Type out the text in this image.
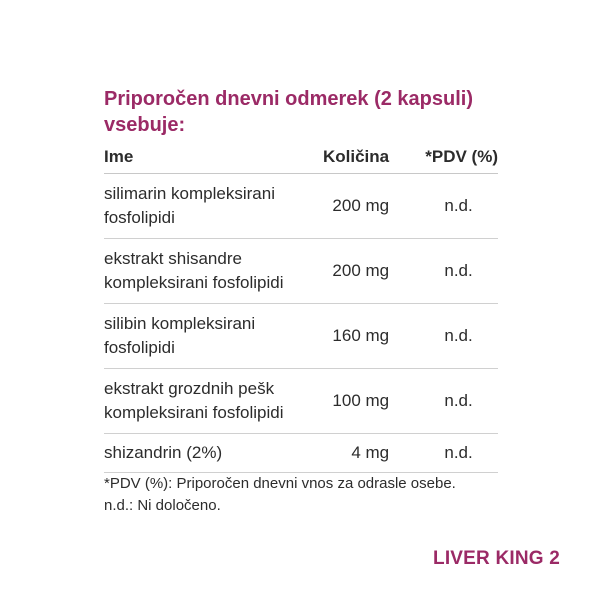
Priporočen dnevni odmerek (2 kapsuli) vsebuje:
Ime	Količina	*PDV (%)
silimarin kompleksirani fosfolipidi	200 mg	n.d.
ekstrakt shisandre kompleksirani fosfolipidi	200 mg	n.d.
silibin kompleksirani fosfolipidi	160 mg	n.d.
ekstrakt grozdnih pešk kompleksirani fosfolipidi	100 mg	n.d.
shizandrin (2%)	4 mg	n.d.
*PDV (%): Priporočen dnevni vnos za odrasle osebe.
n.d.: Ni določeno.
LIVER KING 2
